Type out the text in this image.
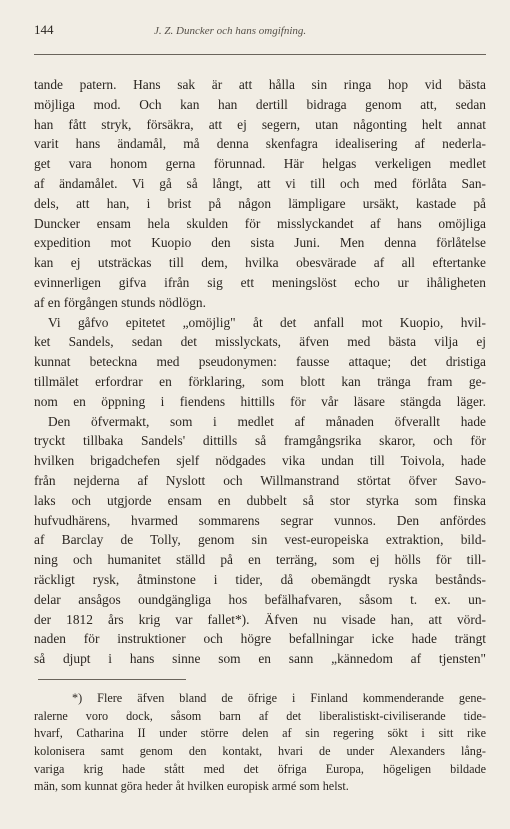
144	J. Z. Duncker och hans omgifning.
tande patern. Hans sak är att hålla sin ringa hop vid bästa
möjliga mod. Och kan han dertill bidraga genom att, sedan
han fått stryk, försäkra, att ej segern, utan någonting helt annat
varit hans ändamål, må denna skenfagra idealisering af nederla-
get vara honom gerna förunnad. Här helgas verkeligen medlet
af ändamålet. Vi gå så långt, att vi till och med förlåta San-
dels, att han, i brist på någon lämpligare ursäkt, kastade på
Duncker ensam hela skulden för misslyckandet af hans omöjliga
expedition mot Kuopio den sista Juni. Men denna förlåtelse
kan ej utsträckas till dem, hvilka obesvärade af all eftertanke
evinnerligen gifva ifrån sig ett meningslöst echo ur ihåligheten
af en förgången stunds nödlögn.
Vi gåfvo epitetet „omöjlig" åt det anfall mot Kuopio, hvil-
ket Sandels, sedan det misslyckats, äfven med bästa vilja ej
kunnat beteckna med pseudonymen: fausse attaque; det dristiga
tillmälet erfordrar en förklaring, som blott kan tränga fram ge-
nom en öppning i fiendens hittills för vår läsare stängda läger.
Den öfvermakt, som i medlet af månaden öfverallt hade
tryckt tillbaka Sandels' dittills så framgångsrika skaror, och för
hvilken brigadchefen sjelf nödgades vika undan till Toivola, hade
från nejderna af Nyslott och Willmanstrand störtat öfver Savo-
laks och utgjorde ensam en dubbelt så stor styrka som finska
hufvudhärens, hvarmed sommarens segrar vunnos. Den anfördes
af Barclay de Tolly, genom sin vest-europeiska extraktion, bild-
ning och humanitet ställd på en terräng, som ej hölls för till-
räckligt rysk, åtminstone i tider, då obemängdt ryska bestånds-
delar ansågos oundgängliga hos befälhafvaren, såsom t. ex. un-
der 1812 års krig var fallet*). Äfven nu visade han, att vörd-
naden för instruktioner och högre befallningar icke hade trängt
så djupt i hans sinne som en sann „kännedom af tjensten"
*) Flere äfven bland de öfrige i Finland kommenderande gene-
ralerne voro dock, såsom barn af det liberalistiskt-civiliserande tide-
hvarf, Catharina II under större delen af sin regering sökt i sitt rike
kolonisera samt genom den kontakt, hvari de under Alexanders lång-
variga krig hade stått med det öfriga Europa, högeligen bildade
män, som kunnat göra heder åt hvilken europisk armé som helst.
